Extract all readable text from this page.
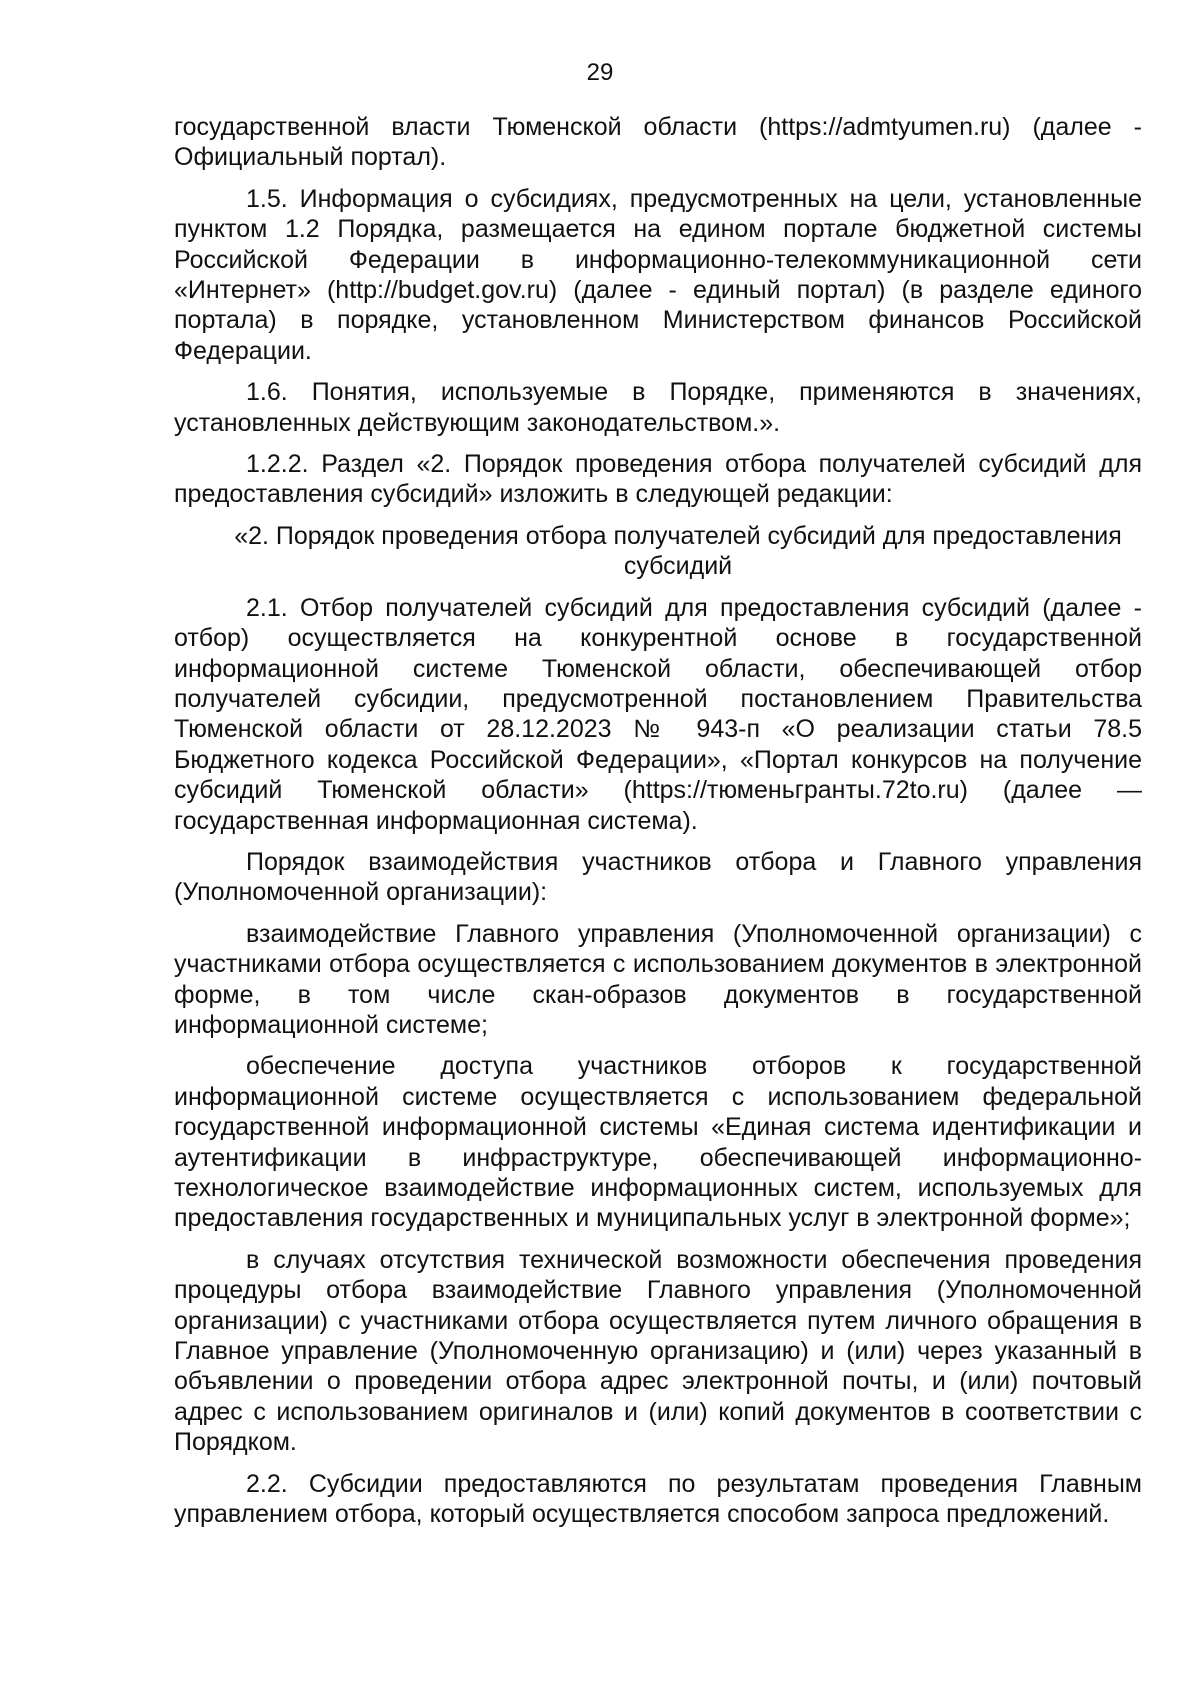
29

государственной власти Тюменской области (https://admtyumen.ru) (далее - Официальный портал).

1.5. Информация о субсидиях, предусмотренных на цели, установленные пунктом 1.2 Порядка, размещается на едином портале бюджетной системы Российской Федерации в информационно-телекоммуникационной сети «Интернет» (http://budget.gov.ru) (далее - единый портал) (в разделе единого портала) в порядке, установленном Министерством финансов Российской Федерации.

1.6. Понятия, используемые в Порядке, применяются в значениях, установленных действующим законодательством.».

1.2.2. Раздел «2. Порядок проведения отбора получателей субсидий для предоставления субсидий» изложить в следующей редакции:

«2. Порядок проведения отбора получателей субсидий для предоставления субсидий

2.1. Отбор получателей субсидий для предоставления субсидий (далее - отбор) осуществляется на конкурентной основе в государственной информационной системе Тюменской области, обеспечивающей отбор получателей субсидии, предусмотренной постановлением Правительства Тюменской области от 28.12.2023 № 943-п «О реализации статьи 78.5 Бюджетного кодекса Российской Федерации», «Портал конкурсов на получение субсидий Тюменской области» (https://тюменьгранты.72to.ru) (далее — государственная информационная система).

Порядок взаимодействия участников отбора и Главного управления (Уполномоченной организации):

взаимодействие Главного управления (Уполномоченной организации) с участниками отбора осуществляется с использованием документов в электронной форме, в том числе скан-образов документов в государственной информационной системе;

обеспечение доступа участников отборов к государственной информационной системе осуществляется с использованием федеральной государственной информационной системы «Единая система идентификации и аутентификации в инфраструктуре, обеспечивающей информационно-технологическое взаимодействие информационных систем, используемых для предоставления государственных и муниципальных услуг в электронной форме»;

в случаях отсутствия технической возможности обеспечения проведения процедуры отбора взаимодействие Главного управления (Уполномоченной организации) с участниками отбора осуществляется путем личного обращения в Главное управление (Уполномоченную организацию) и (или) через указанный в объявлении о проведении отбора адрес электронной почты, и (или) почтовый адрес с использованием оригиналов и (или) копий документов в соответствии с Порядком.

2.2. Субсидии предоставляются по результатам проведения Главным управлением отбора, который осуществляется способом запроса предложений.
